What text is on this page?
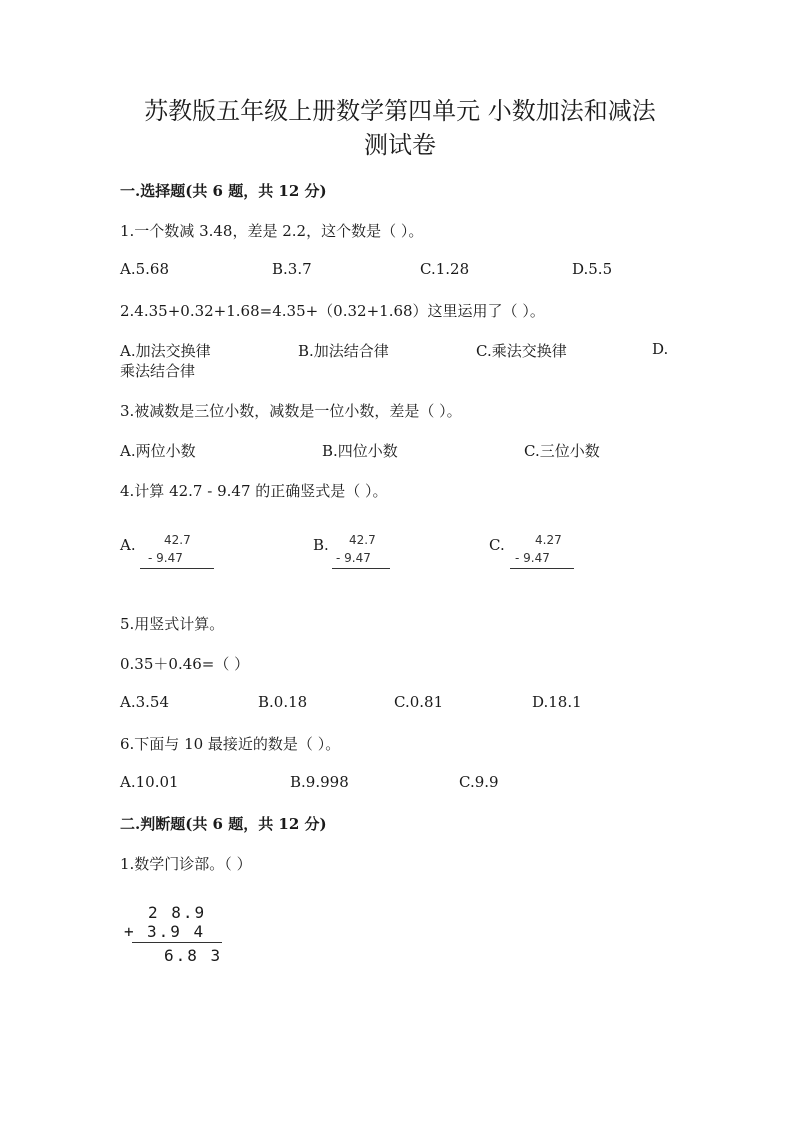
苏教版五年级上册数学第四单元 小数加法和减法
测试卷
一.选择题(共 6 题，共 12 分)
1.一个数减 3.48，差是 2.2，这个数是（ ）。
A.5.68	B.3.7	C.1.28	D.5.5
2.4.35+0.32+1.68=4.35+（0.32+1.68）这里运用了（ ）。
A.加法交换律	B.加法结合律	C.乘法交换律	D.
乘法结合律
3.被减数是三位小数，减数是一位小数，差是（ ）。
A.两位小数	B.四位小数	C.三位小数
4.计算 42.7 - 9.47 的正确竖式是（ ）。
A. 42.7
- 9.47
B. 42.7
- 9.47
C.	4.27
- 9.47
5.用竖式计算。
0.35＋0.46=（ ）
A.3.54	B.0.18	C.0.81	D.18.1
6.下面与 10 最接近的数是（ ）。
A.10.01	B.9.998	C.9.9
二.判断题(共 6 题，共 12 分)
1.数学门诊部。（ ）
2 8.9
+ 3.9 4
6.8 3
